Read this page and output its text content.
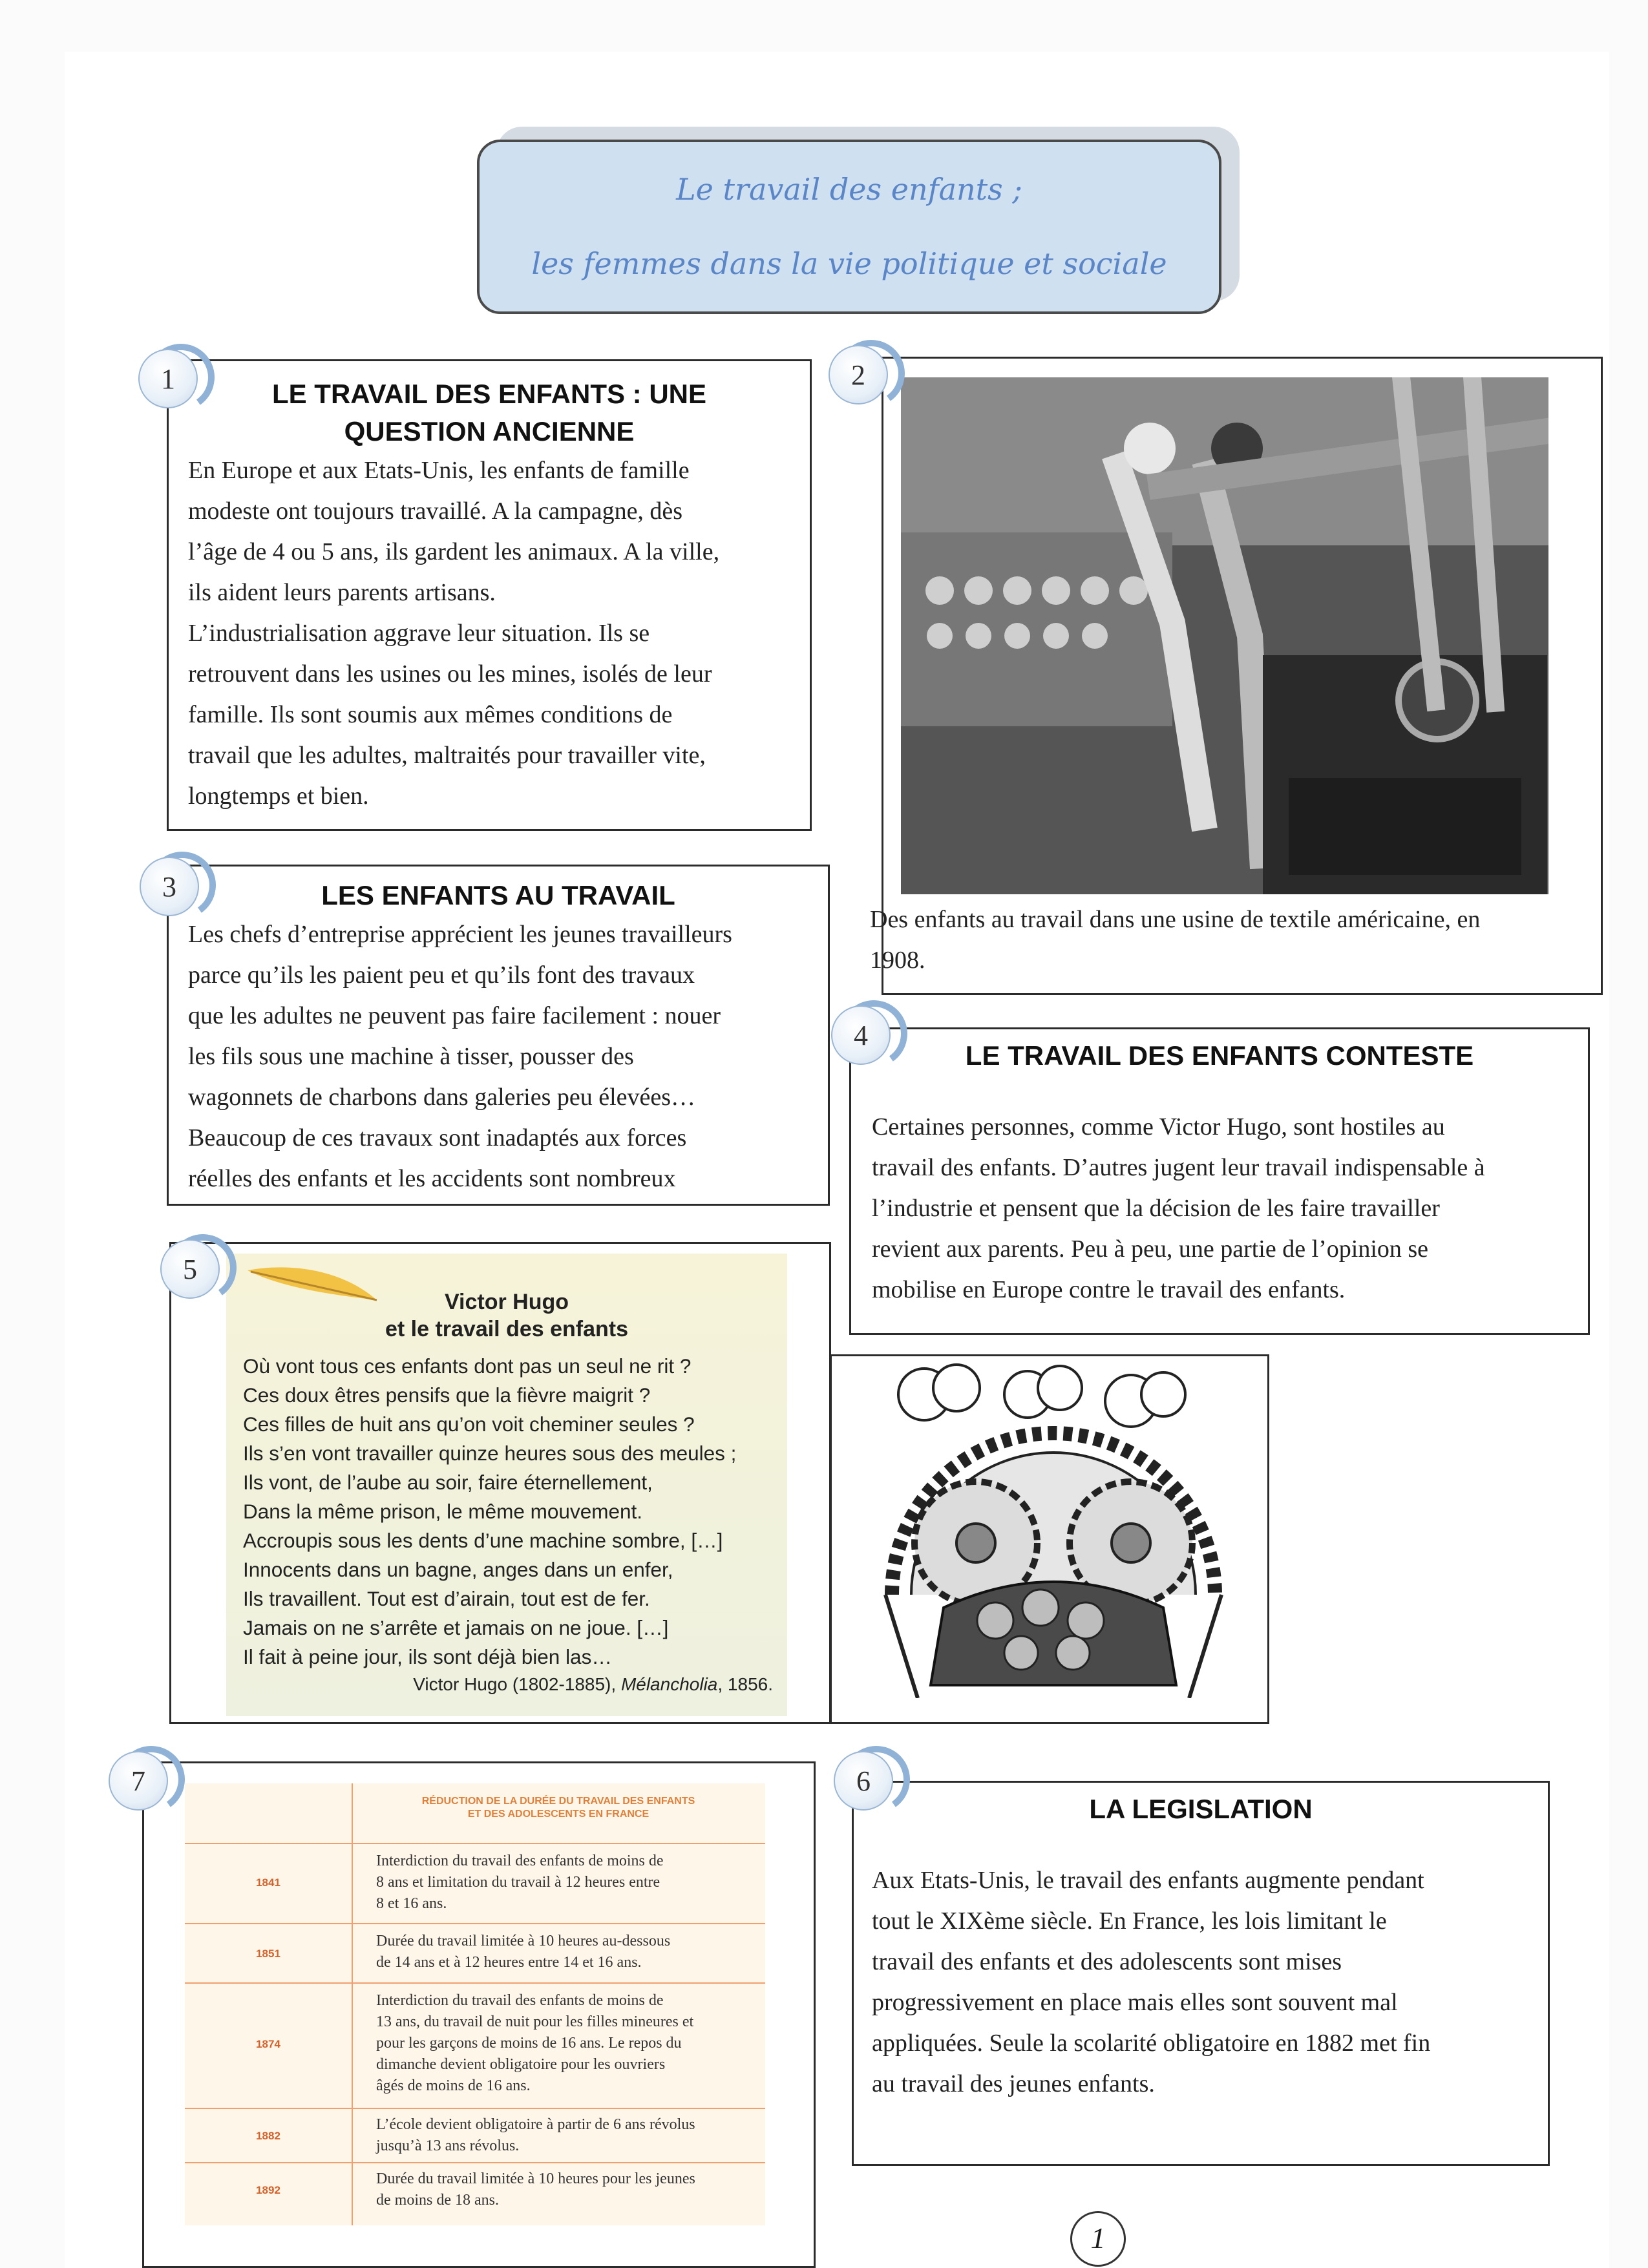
Le travail des enfants ;
les femmes dans la vie politique et sociale
LE TRAVAIL DES ENFANTS : UNE
QUESTION ANCIENNE
En Europe et aux Etats-Unis, les enfants de famille
modeste ont toujours travaillé. A la campagne, dès
l’âge de 4 ou 5 ans, ils gardent les animaux. A la ville,
ils aident leurs parents artisans.
L’industrialisation aggrave leur situation. Ils se
retrouvent dans les usines ou les mines, isolés de leur
famille. Ils sont soumis aux mêmes conditions de
travail que les adultes, maltraités pour travailler vite,
longtemps et bien.
1
Des enfants au travail dans une usine de textile américaine, en
1908.
2
LES ENFANTS AU TRAVAIL
Les chefs d’entreprise apprécient les jeunes travailleurs
parce qu’ils les paient peu et qu’ils font des travaux
que les adultes ne peuvent pas faire facilement : nouer
les fils sous une machine à tisser, pousser des
wagonnets de charbons dans galeries peu élevées…
Beaucoup de ces travaux sont inadaptés aux forces
réelles des enfants et les accidents sont nombreux
3
LE TRAVAIL DES ENFANTS CONTESTE
Certaines personnes, comme Victor Hugo, sont hostiles au
travail des enfants. D’autres jugent leur travail indispensable à
l’industrie et pensent que la décision de les faire travailler
revient aux parents. Peu à peu, une partie de l’opinion se
mobilise en Europe contre le travail des enfants.
4
Victor Hugo
et le travail des enfants
Où vont tous ces enfants dont pas un seul ne rit ?
Ces doux êtres pensifs que la fièvre maigrit ?
Ces filles de huit ans qu’on voit cheminer seules ?
Ils s’en vont travailler quinze heures sous des meules ;
Ils vont, de l’aube au soir, faire éternellement,
Dans la même prison, le même mouvement.
Accroupis sous les dents d’une machine sombre, […]
Innocents dans un bagne, anges dans un enfer,
Ils travaillent. Tout est d’airain, tout est de fer.
Jamais on ne s’arrête et jamais on ne joue. […]
Il fait à peine jour, ils sont déjà bien las…
Victor Hugo (1802-1885), Mélancholia, 1856.
5
RÉDUCTION DE LA DURÉE DU TRAVAIL DES ENFANTS
ET DES ADOLESCENTS EN FRANCE
1841
Interdiction du travail des enfants de moins de
8 ans et limitation du travail à 12 heures entre
8 et 16 ans.
1851
Durée du travail limitée à 10 heures au-dessous
de 14 ans et à 12 heures entre 14 et 16 ans.
1874
Interdiction du travail des enfants de moins de
13 ans, du travail de nuit pour les filles mineures et
pour les garçons de moins de 16 ans. Le repos du
dimanche devient obligatoire pour les ouvriers
âgés de moins de 16 ans.
1882
L’école devient obligatoire à partir de 6 ans révolus
jusqu’à 13 ans révolus.
1892
Durée du travail limitée à 10 heures pour les jeunes
de moins de 18 ans.
7
LA LEGISLATION
Aux Etats-Unis, le travail des enfants augmente pendant
tout le XIXème siècle. En France, les lois limitant le
travail des enfants et des adolescents sont mises
progressivement en place mais elles sont souvent mal
appliquées. Seule la scolarité obligatoire en 1882 met fin
au travail des jeunes enfants.
6
1
